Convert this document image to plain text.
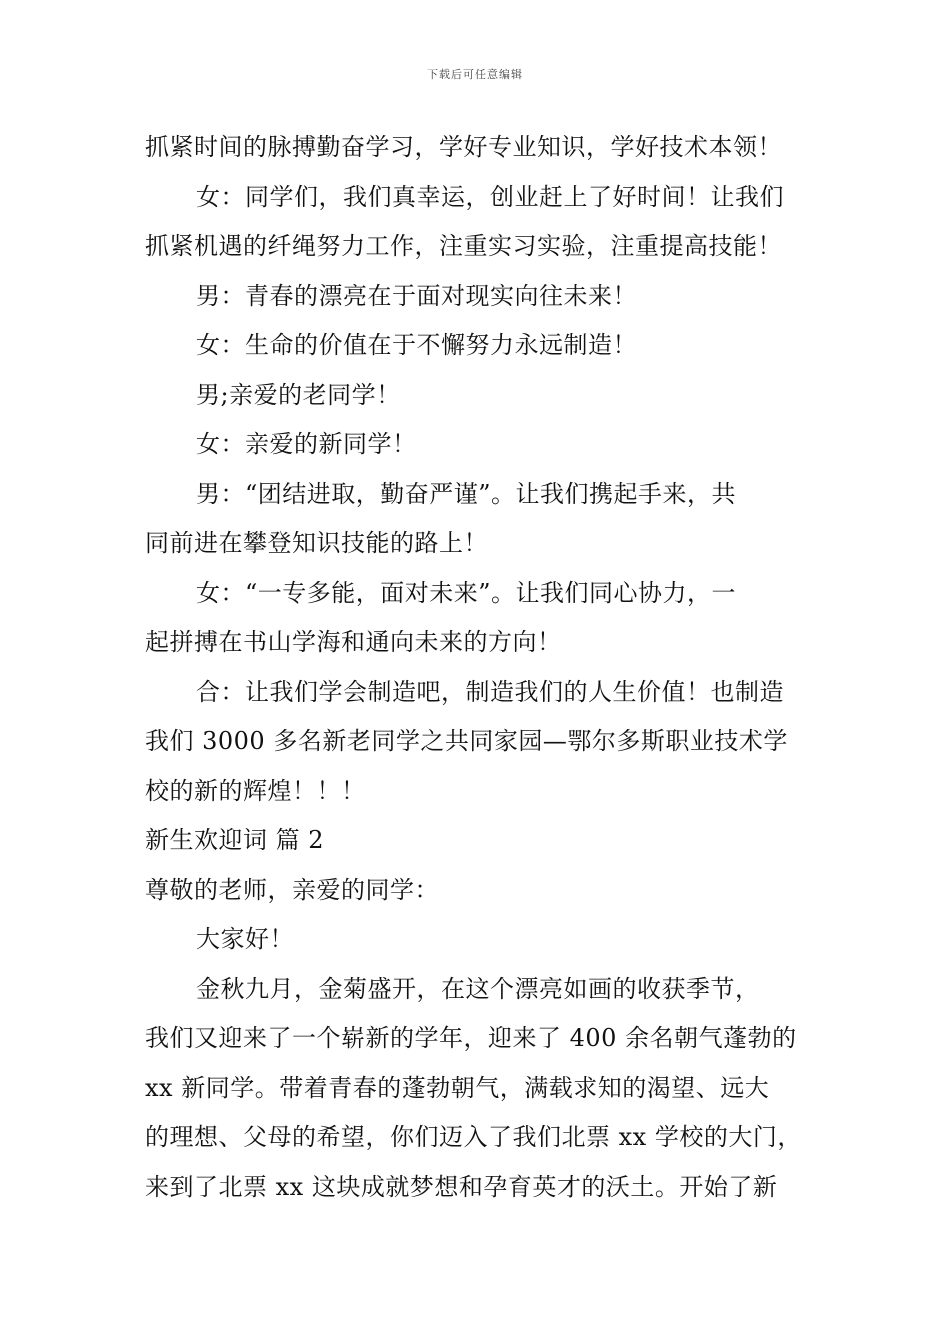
下载后可任意编辑
抓紧时间的脉搏勤奋学习，学好专业知识，学好技术本领！
女：同学们，我们真幸运，创业赶上了好时间！让我们
抓紧机遇的纤绳努力工作，注重实习实验，注重提高技能！
男：青春的漂亮在于面对现实向往未来！
女：生命的价值在于不懈努力永远制造！
男;亲爱的老同学！
女：亲爱的新同学！
男：“团结进取，勤奋严谨”。让我们携起手来，共
同前进在攀登知识技能的路上！
女：“一专多能，面对未来”。让我们同心协力，一
起拼搏在书山学海和通向未来的方向！
合：让我们学会制造吧，制造我们的人生价值！也制造
我们 3000 多名新老同学之共同家园—鄂尔多斯职业技术学
校的新的辉煌！！！
新生欢迎词 篇 2
尊敬的老师，亲爱的同学：
大家好！
金秋九月，金菊盛开，在这个漂亮如画的收获季节，
我们又迎来了一个崭新的学年，迎来了 400 余名朝气蓬勃的
xx 新同学。带着青春的蓬勃朝气，满载求知的渴望、远大
的理想、父母的希望，你们迈入了我们北票 xx 学校的大门，
来到了北票 xx 这块成就梦想和孕育英才的沃土。开始了新
